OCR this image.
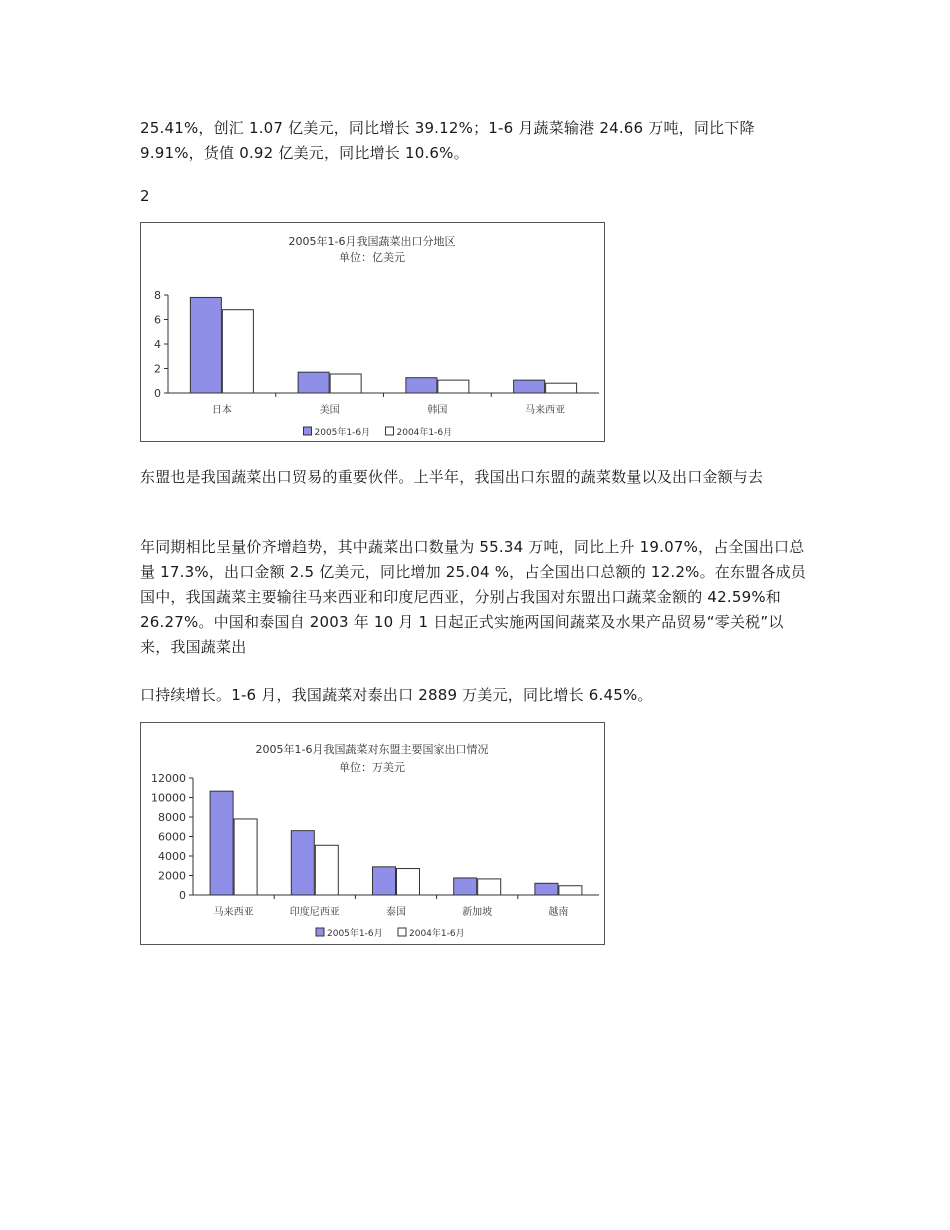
25.41%，创汇 1.07 亿美元，同比增长 39.12%；1-6 月蔬菜输港 24.66 万吨，同比下降 9.91%，货值 0.92 亿美元，同比增长 10.6%。

2

2005年1-6月我国蔬菜出口分地区
单位：亿美元
0
2
4
6
8
日本	美国	韩国	马来西亚
2005年1-6月	2004年1-6月

东盟也是我国蔬菜出口贸易的重要伙伴。上半年，我国出口东盟的蔬菜数量以及出口金额与去

年同期相比呈量价齐增趋势，其中蔬菜出口数量为 55.34 万吨，同比上升 19.07%，占全国出口总量 17.3%，出口金额 2.5 亿美元，同比增加 25.04 %，占全国出口总额的 12.2%。在东盟各成员国中，我国蔬菜主要输往马来西亚和印度尼西亚，分别占我国对东盟出口蔬菜金额的 42.59%和 26.27%。中国和泰国自 2003 年 10 月 1 日起正式实施两国间蔬菜及水果产品贸易“零关税”以来，我国蔬菜出

口持续增长。1-6 月，我国蔬菜对泰出口 2889 万美元，同比增长 6.45%。

2005年1-6月我国蔬菜对东盟主要国家出口情况
单位：万美元
0
2000
4000
6000
8000
10000
12000
马来西亚	印度尼西亚	泰国	新加坡	越南
2005年1-6月	2004年1-6月
